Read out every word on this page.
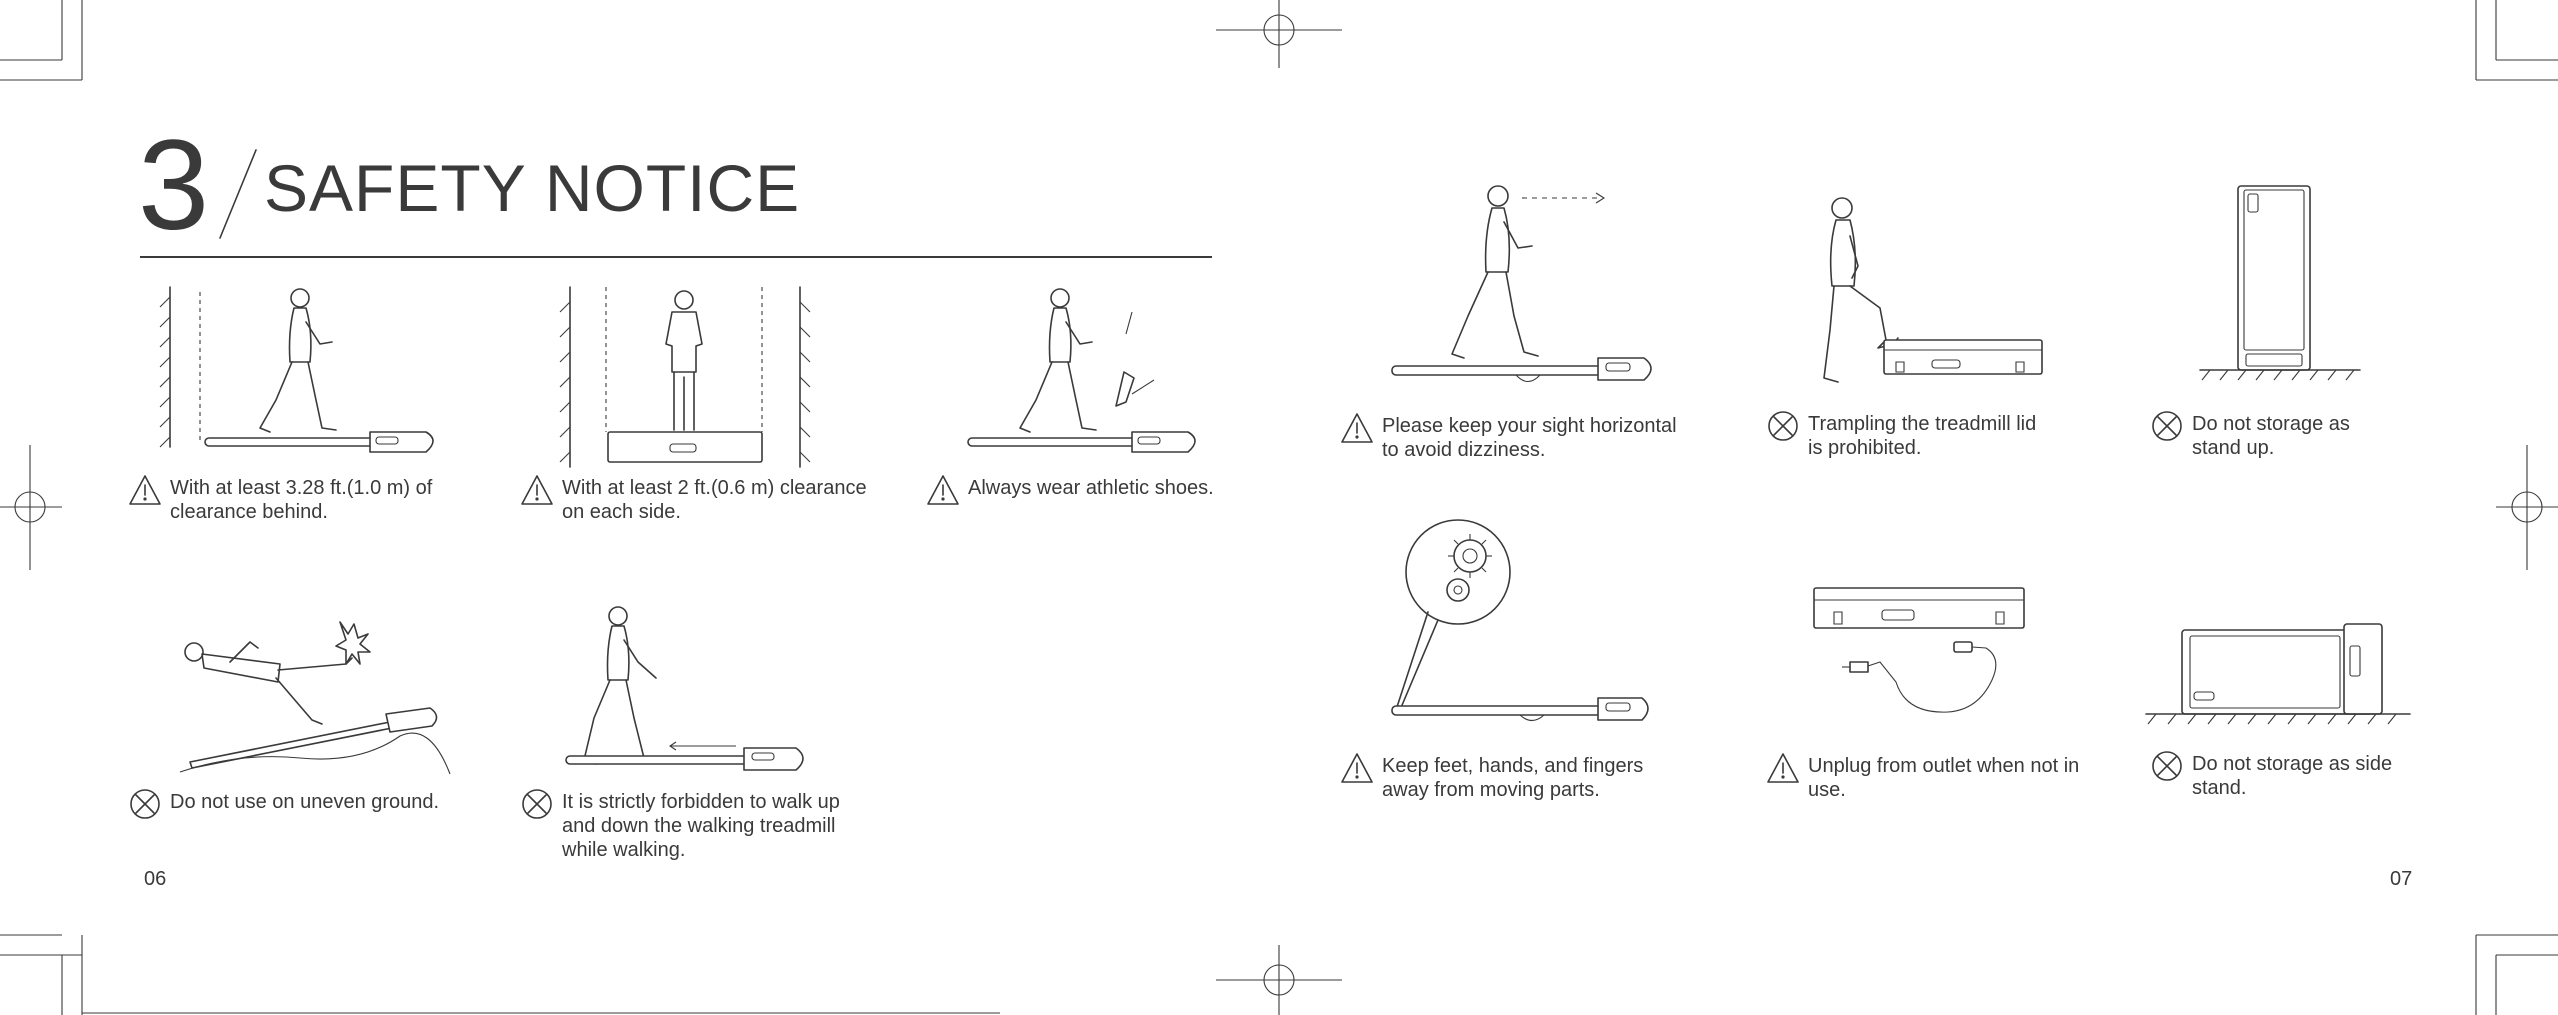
3 SAFETY NOTICE
With at least 3.28 ft.(1.0 m) of
clearance behind.
With at least 2 ft.(0.6 m) clearance
on each side.
Always wear athletic shoes.
Do not use on uneven ground.	It is strictly forbidden to walk up
and down the walking treadmill
while walking.
06
Please keep your sight horizontal
to avoid dizziness.
Trampling the treadmill lid
is prohibited.
Do not storage as
stand up.
Keep feet, hands, and fingers
away from moving parts.
Unplug from outlet when not in
use.
Do not storage as side
stand.
07
